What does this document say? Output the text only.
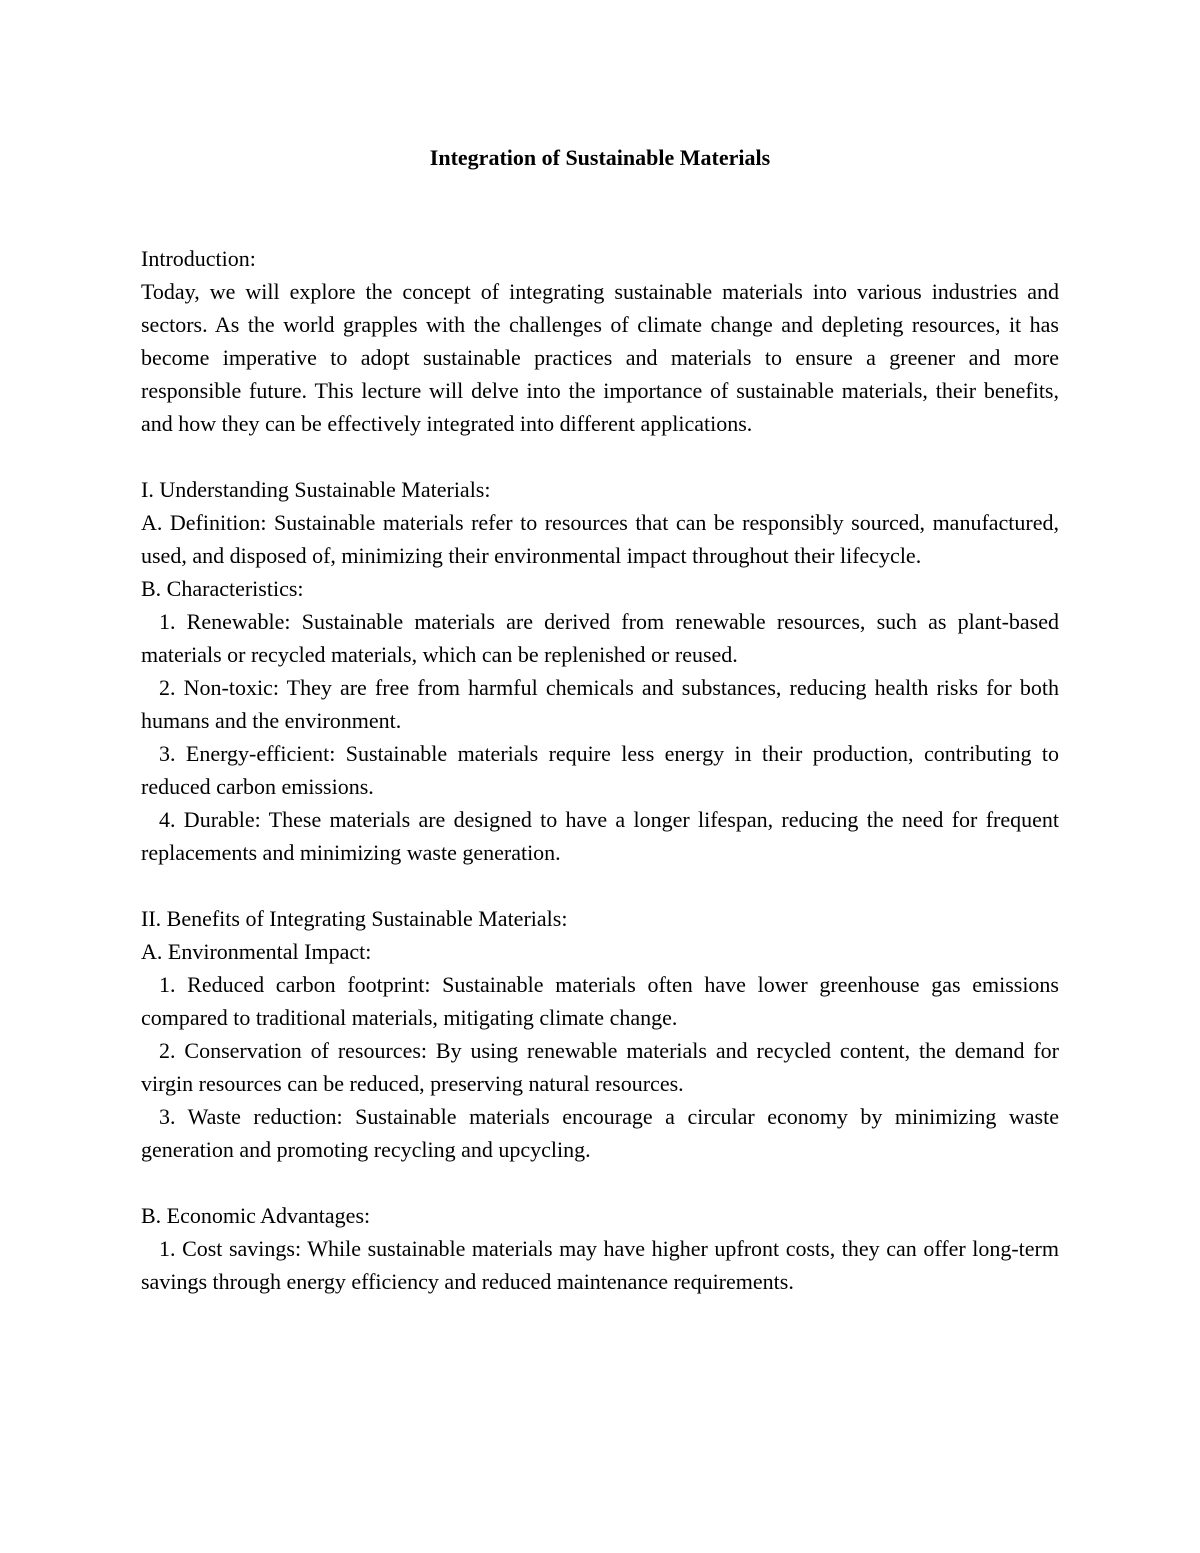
Integration of Sustainable Materials

Introduction:

Today, we will explore the concept of integrating sustainable materials into various industries and sectors. As the world grapples with the challenges of climate change and depleting resources, it has become imperative to adopt sustainable practices and materials to ensure a greener and more responsible future. This lecture will delve into the importance of sustainable materials, their benefits, and how they can be effectively integrated into different applications.

I. Understanding Sustainable Materials:

A. Definition: Sustainable materials refer to resources that can be responsibly sourced, manufactured, used, and disposed of, minimizing their environmental impact throughout their lifecycle.

B. Characteristics:

1. Renewable: Sustainable materials are derived from renewable resources, such as plant-based materials or recycled materials, which can be replenished or reused.

2. Non-toxic: They are free from harmful chemicals and substances, reducing health risks for both humans and the environment.

3. Energy-efficient: Sustainable materials require less energy in their production, contributing to reduced carbon emissions.

4. Durable: These materials are designed to have a longer lifespan, reducing the need for frequent replacements and minimizing waste generation.

II. Benefits of Integrating Sustainable Materials:

A. Environmental Impact:

1. Reduced carbon footprint: Sustainable materials often have lower greenhouse gas emissions compared to traditional materials, mitigating climate change.

2. Conservation of resources: By using renewable materials and recycled content, the demand for virgin resources can be reduced, preserving natural resources.

3. Waste reduction: Sustainable materials encourage a circular economy by minimizing waste generation and promoting recycling and upcycling.

B. Economic Advantages:

1. Cost savings: While sustainable materials may have higher upfront costs, they can offer long-term savings through energy efficiency and reduced maintenance requirements.
